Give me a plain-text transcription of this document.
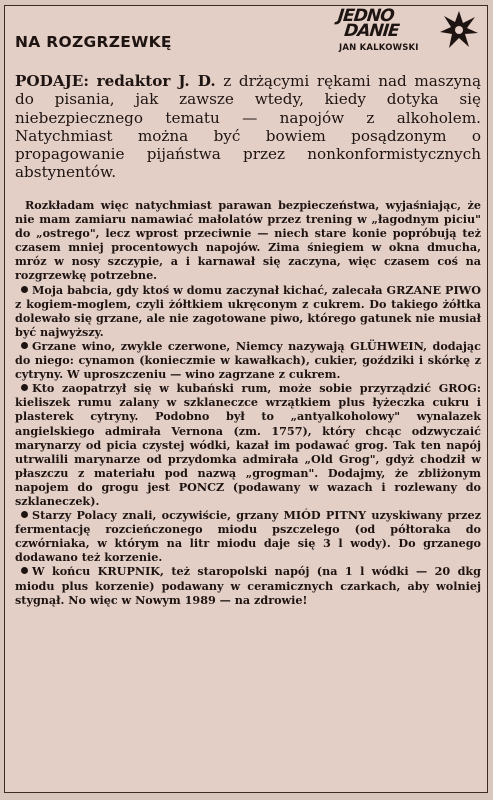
JEDNO
DANIE
JAN KALKOWSKI
NA ROZGRZEWKĘ

PODAJE: redaktor J. D. z drżącymi rękami nad maszyną do pisania, jak zawsze wtedy, kiedy dotyka się niebezpiecznego tematu — napojów z alkoholem. Natychmiast można być bowiem posądzonym o propagowanie pijaństwa przez nonkonformistycznych abstynentów.

Rozkładam więc natychmiast parawan bezpieczeństwa, wyjaśniając, że nie mam zamiaru namawiać małolatów przez trening w „łagodnym piciu" do „ostrego", lecz wprost przeciwnie — niech stare konie popróbują też czasem mniej procentowych napojów. Zima śniegiem w okna dmucha, mróz w nosy szczypie, a i karnawał się zaczyna, więc czasem coś na rozgrzewkę potrzebne.

Moja babcia, gdy ktoś w domu zaczynał kichać, zalecała GRZANE PIWO z kogiem-moglem, czyli żółtkiem ukręconym z cukrem. Do takiego żółtka dolewało się grzane, ale nie zagotowane piwo, którego gatunek nie musiał być najwyższy.

Grzane wino, zwykle czerwone, Niemcy nazywają GLÜHWEIN, dodając do niego: cynamon (konieczmie w kawałkach), cukier, goździki i skórkę z cytryny. W uproszczeniu — wino zagrzane z cukrem.

Kto zaopatrzył się w kubański rum, może sobie przyrządzić GROG: kieliszek rumu zalany w szklaneczce wrzątkiem plus łyżeczka cukru i plasterek cytryny. Podobno był to „antyalkoholowy" wynalazek angielskiego admirała Vernona (zm. 1757), który chcąc odzwyczaić marynarzy od picia czystej wódki, kazał im podawać grog. Tak ten napój utrwalili marynarze od przydomka admirała „Old Grog", gdyż chodził w płaszczu z materiału pod nazwą „grogman". Dodajmy, że zbliżonym napojem do grogu jest PONCZ (podawany w wazach i rozlewany do szklaneczek).

Starzy Polacy znali, oczywiście, grzany MIÓD PITNY uzyskiwany przez fermentację rozcieńczonego miodu pszczelego (od półtoraka do czwórniaka, w którym na litr miodu daje się 3 l wody). Do grzanego dodawano też korzenie.

W końcu KRUPNIK, też staropolski napój (na 1 l wódki — 20 dkg miodu plus korzenie) podawany w ceramicznych czarkach, aby wolniej stygnął. No więc w Nowym 1989 — na zdrowie!
